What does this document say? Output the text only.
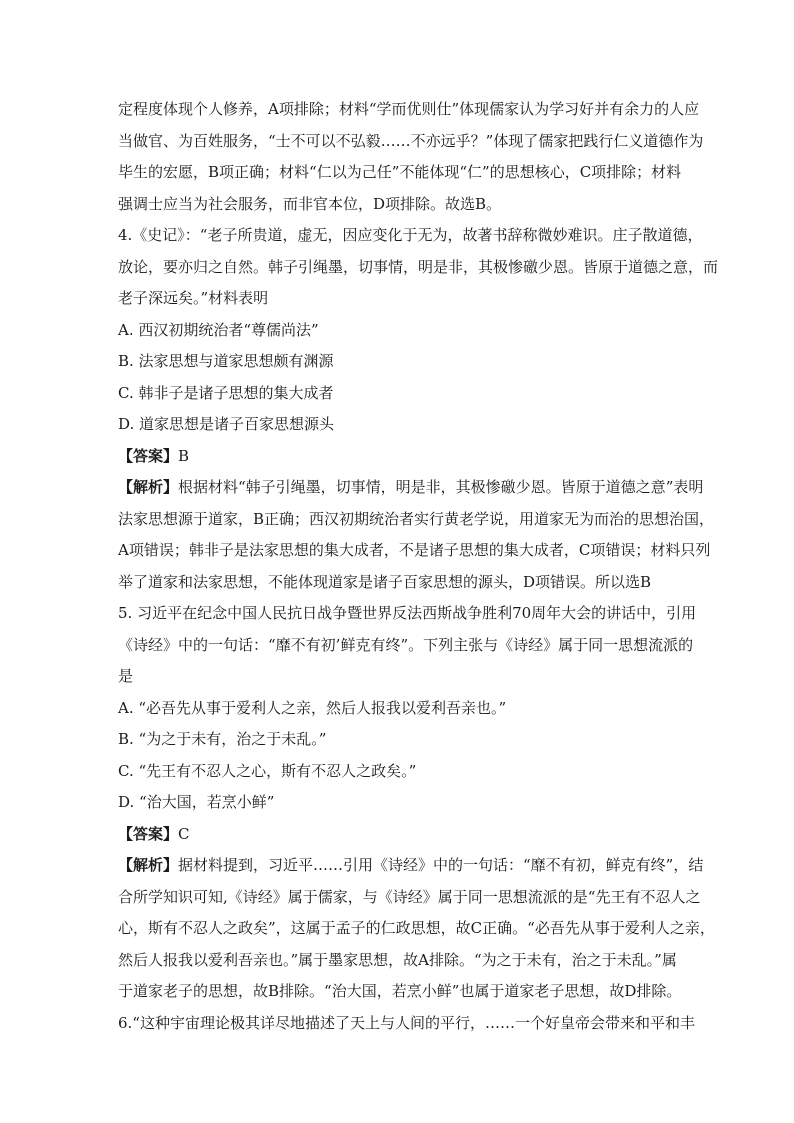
定程度体现个人修养，A项排除；材料“学而优则仕”体现儒家认为学习好并有余力的人应
当做官、为百姓服务，“士不可以不弘毅……不亦远乎？”体现了儒家把践行仁义道德作为
毕生的宏愿，B项正确；材料“仁以为己任”不能体现“仁”的思想核心，C项排除；材料
强调士应当为社会服务，而非官本位，D项排除。故选B。
4.《史记》：“老子所贵道，虚无，因应变化于无为，故著书辞称微妙难识。庄子散道德，
放论，要亦归之自然。韩子引绳墨，切事情，明是非，其极惨礉少恩。皆原于道德之意，而
老子深远矣。”材料表明
A. 西汉初期统治者“尊儒尚法”
B. 法家思想与道家思想颇有渊源
C. 韩非子是诸子思想的集大成者
D. 道家思想是诸子百家思想源头
【答案】B
【解析】根据材料“韩子引绳墨，切事情，明是非，其极惨礉少恩。皆原于道德之意”表明
法家思想源于道家，B正确；西汉初期统治者实行黄老学说，用道家无为而治的思想治国，
A项错误；韩非子是法家思想的集大成者，不是诸子思想的集大成者，C项错误；材料只列
举了道家和法家思想，不能体现道家是诸子百家思想的源头，D项错误。所以选B
5. 习近平在纪念中国人民抗日战争暨世界反法西斯战争胜利70周年大会的讲话中，引用
《诗经》中的一句话：“靡不有初’鲜克有终”。下列主张与《诗经》属于同一思想流派的
是
A. “必吾先从事于爱利人之亲，然后人报我以爱利吾亲也。”
B. “为之于未有，治之于未乱。”
C. “先王有不忍人之心，斯有不忍人之政矣。”
D. “治大国，若烹小鲜”
【答案】C
【解析】据材料提到，习近平……引用《诗经》中的一句话：“靡不有初，鲜克有终”，结
合所学知识可知,《诗经》属于儒家，与《诗经》属于同一思想流派的是“先王有不忍人之
心，斯有不忍人之政矣”，这属于孟子的仁政思想，故C正确。“必吾先从事于爱利人之亲，
然后人报我以爱利吾亲也。”属于墨家思想，故A排除。“为之于未有，治之于未乱。”属
于道家老子的思想，故B排除。“治大国，若烹小鲜”也属于道家老子思想，故D排除。
6.“这种宇宙理论极其详尽地描述了天上与人间的平行，……一个好皇帝会带来和平和丰
